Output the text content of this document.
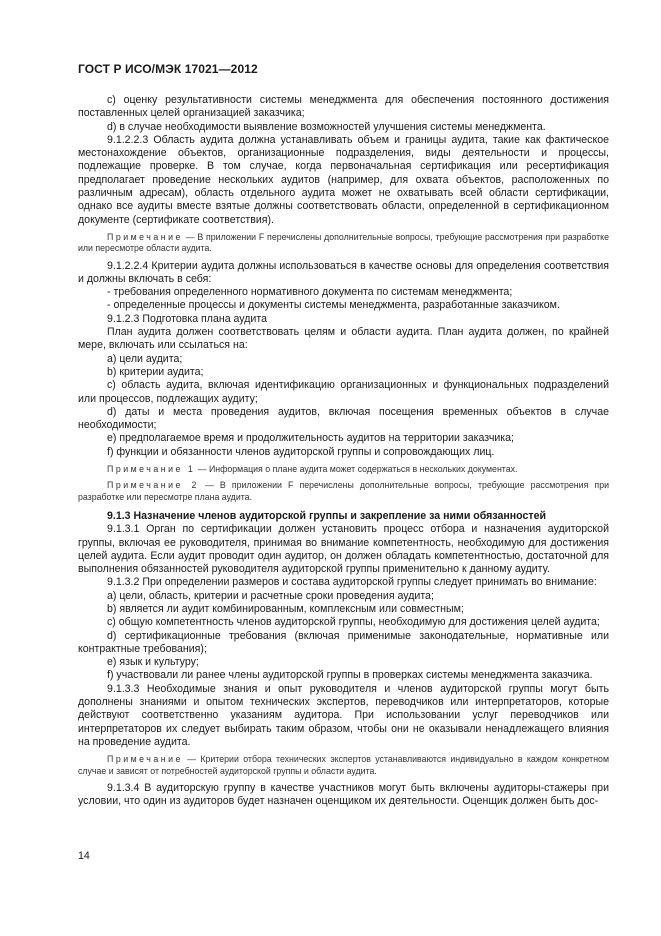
ГОСТ Р ИСО/МЭК 17021—2012

c) оценку результативности системы менеджмента для обеспечения постоянного достижения поставленных целей организацией заказчика;

d) в случае необходимости выявление возможностей улучшения системы менеджмента.

9.1.2.2.3 Область аудита должна устанавливать объем и границы аудита, такие как фактическое местонахождение объектов, организационные подразделения, виды деятельности и процессы, подлежащие проверке. В том случае, когда первоначальная сертификация или ресертификация предполагает проведение нескольких аудитов (например, для охвата объектов, расположенных по различным адресам), область отдельного аудита может не охватывать всей области сертификации, однако все аудиты вместе взятые должны соответствовать области, определенной в сертификационном документе (сертификате соответствия).

Примечание — В приложении F перечислены дополнительные вопросы, требующие рассмотрения при разработке или пересмотре области аудита.

9.1.2.2.4 Критерии аудита должны использоваться в качестве основы для определения соответствия и должны включать в себя:

- требования определенного нормативного документа по системам менеджмента;

- определенные процессы и документы системы менеджмента, разработанные заказчиком.

9.1.2.3 Подготовка плана аудита

План аудита должен соответствовать целям и области аудита. План аудита должен, по крайней мере, включать или ссылаться на:

a) цели аудита;

b) критерии аудита;

c) область аудита, включая идентификацию организационных и функциональных подразделений или процессов, подлежащих аудиту;

d) даты и места проведения аудитов, включая посещения временных объектов в случае необходимости;

e) предполагаемое время и продолжительность аудитов на территории заказчика;

f) функции и обязанности членов аудиторской группы и сопровождающих лиц.

Примечание 1 — Информация о плане аудита может содержаться в нескольких документах.

Примечание 2 — В приложении F перечислены дополнительные вопросы, требующие рассмотрения при разработке или пересмотре плана аудита.

9.1.3 Назначение членов аудиторской группы и закрепление за ними обязанностей

9.1.3.1 Орган по сертификации должен установить процесс отбора и назначения аудиторской группы, включая ее руководителя, принимая во внимание компетентность, необходимую для достижения целей аудита. Если аудит проводит один аудитор, он должен обладать компетентностью, достаточной для выполнения обязанностей руководителя аудиторской группы применительно к данному аудиту.

9.1.3.2 При определении размеров и состава аудиторской группы следует принимать во внимание:

a) цели, область, критерии и расчетные сроки проведения аудита;

b) является ли аудит комбинированным, комплексным или совместным;

c) общую компетентность членов аудиторской группы, необходимую для достижения целей аудита;

d) сертификационные требования (включая применимые законодательные, нормативные или контрактные требования);

e) язык и культуру;

f) участвовали ли ранее члены аудиторской группы в проверках системы менеджмента заказчика.

9.1.3.3 Необходимые знания и опыт руководителя и членов аудиторской группы могут быть дополнены знаниями и опытом технических экспертов, переводчиков или интерпретаторов, которые действуют соответственно указаниям аудитора. При использовании услуг переводчиков или интерпретаторов их следует выбирать таким образом, чтобы они не оказывали ненадлежащего влияния на проведение аудита.

Примечание — Критерии отбора технических экспертов устанавливаются индивидуально в каждом конкретном случае и зависят от потребностей аудиторской группы и области аудита.

9.1.3.4 В аудиторскую группу в качестве участников могут быть включены аудиторы-стажеры при условии, что один из аудиторов будет назначен оценщиком их деятельности. Оценщик должен быть дос-

14
